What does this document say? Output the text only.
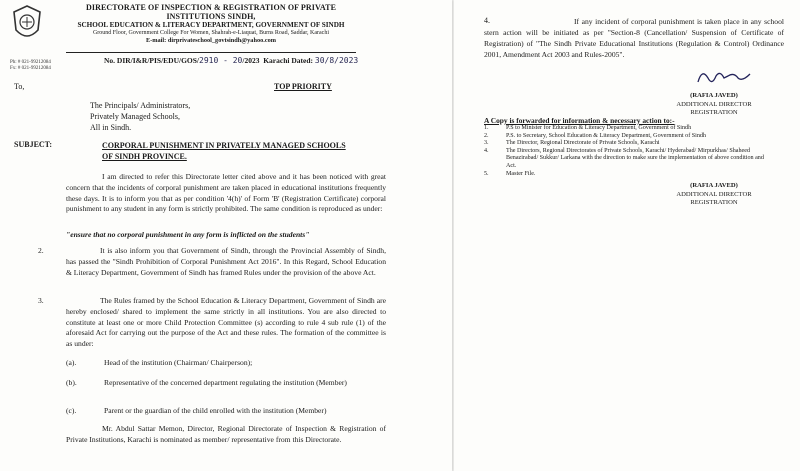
Ph: # 021-99212084
Fx: # 021-99212084
DIRECTORATE OF INSPECTION & REGISTRATION OF PRIVATE INSTITUTIONS SINDH,
SCHOOL EDUCATION & LITERACY DEPARTMENT, GOVERNMENT OF SINDH
Ground Floor, Government College For Women, Shahrah-e-Liaquat, Burns Road, Saddar, Karachi
E-mail: dirprivateschool_govtsindh@yahoo.com
No. DIR/I&R/PIS/EDU/GOS/2910 - 20/2023 Karachi Dated: 30/8/2023
To,	TOP PRIORITY
The Principals/ Administrators,
Privately Managed Schools,
All in Sindh.
SUBJECT:	CORPORAL PUNISHMENT IN PRIVATELY MANAGED SCHOOLS OF SINDH PROVINCE.
I am directed to refer this Directorate letter cited above and it has been noticed with great concern that the incidents of corporal punishment are taken placed in educational institutions frequently these days. It is to inform you that as per condition '4(h)' of Form 'B' (Registration Certificate) corporal punishment to any student in any form is strictly prohibited. The same condition is reproduced as under:
"ensure that no corporal punishment in any form is inflicted on the students"
2.	It is also inform you that Government of Sindh, through the Provincial Assembly of Sindh, has passed the "Sindh Prohibition of Corporal Punishment Act 2016". In this Regard, School Education & Literacy Department, Government of Sindh has framed Rules under the provision of the above Act.
3.	The Rules framed by the School Education & Literacy Department, Government of Sindh are hereby enclosed/ shared to implement the same strictly in all institutions. You are also directed to constitute at least one or more Child Protection Committee (s) according to rule 4 sub rule (1) of the aforesaid Act for carrying out the purpose of the Act and these rules. The formation of the committee is as under:
(a).	Head of the institution (Chairman/ Chairperson);
(b).	Representative of the concerned department regulating the institution (Member)
(c).	Parent or the guardian of the child enrolled with the institution (Member)
Mr. Abdul Sattar Memon, Director, Regional Directorate of Inspection & Registration of Private Institutions, Karachi is nominated as member/ representative from this Directorate.
4.	If any incident of corporal punishment is taken place in any school stern action will be initiated as per "Section-8 (Cancellation/ Suspension of Certificate of Registration) of "The Sindh Private Educational Institutions (Regulation & Control) Ordinance 2001, Amendment Act 2003 and Rules-2005".
(RAFIA JAVED)
ADDITIONAL DIRECTOR
REGISTRATION
A Copy is forwarded for information & necessary action to:-
1.	P.S to Minister for Education & Literacy Department, Government of Sindh
2.	P.S. to Secretary, School Education & Literacy Department, Government of Sindh
3.	The Director, Regional Directorate of Private Schools, Karachi
4.	The Directors, Regional Directorates of Private Schools, Karachi/ Hyderabad/ Mirpurkhas/ Shaheed Benazirabad/ Sukkur/ Larkana with the direction to make sure the implementation of above condition and Act.
5.	Master File.
(RAFIA JAVED)
ADDITIONAL DIRECTOR
REGISTRATION
